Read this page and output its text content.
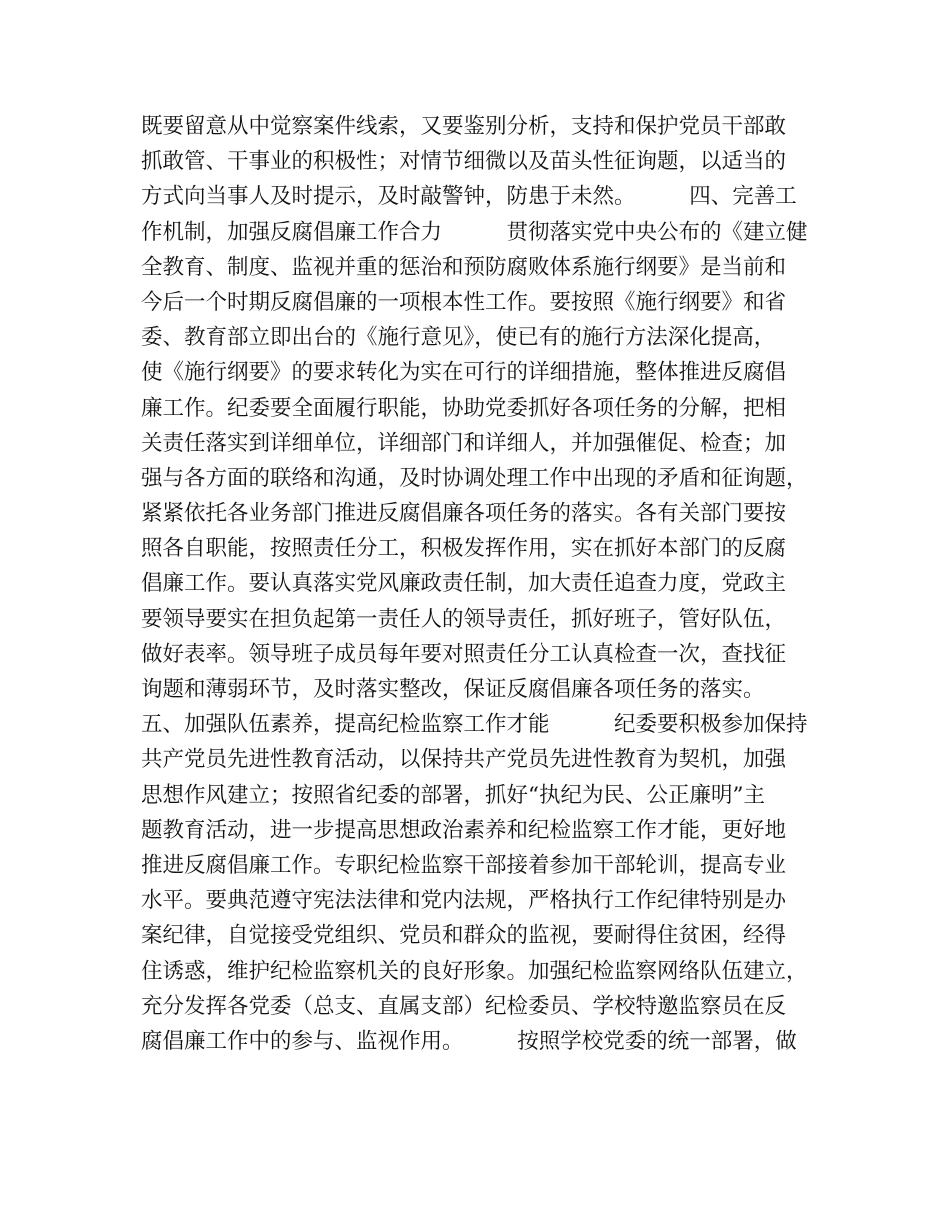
既要留意从中觉察案件线索，又要鉴别分析，支持和保护党员干部敢
抓敢管、干事业的积极性；对情节细微以及苗头性征询题，以适当的
方式向当事人及时提示，及时敲警钟，防患于未然。　　　四、完善工
作机制，加强反腐倡廉工作合力　　　贯彻落实党中央公布的《建立健
全教育、制度、监视并重的惩治和预防腐败体系施行纲要》是当前和
今后一个时期反腐倡廉的一项根本性工作。要按照《施行纲要》和省
委、教育部立即出台的《施行意见》，使已有的施行方法深化提高，
使《施行纲要》的要求转化为实在可行的详细措施，整体推进反腐倡
廉工作。纪委要全面履行职能，协助党委抓好各项任务的分解，把相
关责任落实到详细单位，详细部门和详细人，并加强催促、检查；加
强与各方面的联络和沟通，及时协调处理工作中出现的矛盾和征询题，
紧紧依托各业务部门推进反腐倡廉各项任务的落实。各有关部门要按
照各自职能，按照责任分工，积极发挥作用，实在抓好本部门的反腐
倡廉工作。要认真落实党风廉政责任制，加大责任追查力度，党政主
要领导要实在担负起第一责任人的领导责任，抓好班子，管好队伍，
做好表率。领导班子成员每年要对照责任分工认真检查一次，查找征
询题和薄弱环节，及时落实整改，保证反腐倡廉各项任务的落实。
五、加强队伍素养，提高纪检监察工作才能　　　纪委要积极参加保持
共产党员先进性教育活动，以保持共产党员先进性教育为契机，加强
思想作风建立；按照省纪委的部署，抓好“执纪为民、公正廉明”主
题教育活动，进一步提高思想政治素养和纪检监察工作才能，更好地
推进反腐倡廉工作。专职纪检监察干部接着参加干部轮训，提高专业
水平。要典范遵守宪法法律和党内法规，严格执行工作纪律特别是办
案纪律，自觉接受党组织、党员和群众的监视，要耐得住贫困，经得
住诱惑，维护纪检监察机关的良好形象。加强纪检监察网络队伍建立，
充分发挥各党委（总支、直属支部）纪检委员、学校特邀监察员在反
腐倡廉工作中的参与、监视作用。　　　按照学校党委的统一部署，做
